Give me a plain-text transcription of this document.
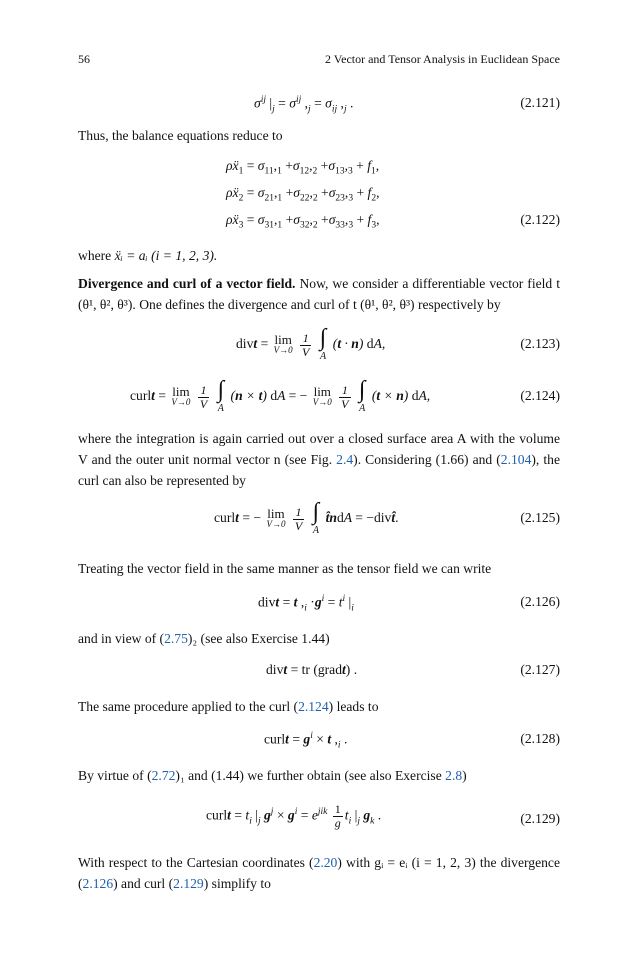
56	2 Vector and Tensor Analysis in Euclidean Space
$\sigma^{ij}$ $|_j = \sigma^{ij}$ $,_j = \sigma_{ij}$ $,_j$ .	(2.121)
Thus, the balance equations reduce to
ρẍ$_1$ = $\sigma_{11},_1 +\sigma_{12},_2 +\sigma_{13},_3 + f_1$,
ρẍ$_2$ = $\sigma_{21},_1 +\sigma_{22},_2 +\sigma_{23},_3 + f_2$,
ρẍ$_3$ = $\sigma_{31},_1 +\sigma_{32},_2 +\sigma_{33},_3 + f_3$,	(2.122)
where ẍᵢ = aᵢ (i = 1, 2, 3).
Divergence and curl of a vector field. Now, we consider a differentiable vector field t (θ¹, θ², θ³). One defines the divergence and curl of t (θ¹, θ², θ³) respectively by
divt = lim
V→0
$\frac{1}{V}$
∫
A
(t · n) dA,	(2.123)
curlt = lim
V→0
$\frac{1}{V}$
∫
A
(n × t) dA = − lim
V→0
$\frac{1}{V}$
∫
A
(t × n) dA,	(2.124)
where the integration is again carried out over a closed surface area A with the volume V and the outer unit normal vector n (see Fig. 2.4). Considering (1.66) and (2.104), the curl can also be represented by
curlt = − lim
V→0
$\frac{1}{V}$
∫
A
t̂ndA = −divt̂.	(2.125)
Treating the vector field in the same manner as the tensor field we can write
divt = t $,_i \cdot g^i = t^i$ $|_i$	(2.126)
and in view of (2.75)₂ (see also Exercise 1.44)
divt = tr (gradt) .	(2.127)
The same procedure applied to the curl (2.124) leads to
curlt = $g^i \times t$ $,_i$ .	(2.128)
By virtue of (2.72)₁ and (1.44) we further obtain (see also Exercise 2.8)
curlt = $t_i$ $|_j$ $g^j \times g^i = e^{jik} \frac{1}{g} t_i$ $|_j$ $g_k$ .	(2.129)
With respect to the Cartesian coordinates (2.20) with gᵢ = eᵢ (i = 1, 2, 3) the divergence (2.126) and curl (2.129) simplify to
